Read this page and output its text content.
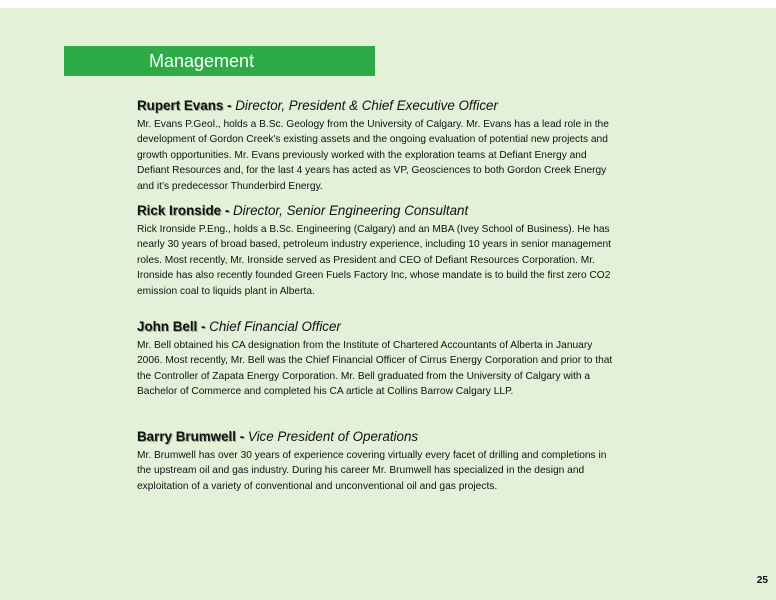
Management
Rupert Evans - Director, President & Chief Executive Officer
Mr. Evans P.Geol., holds a B.Sc. Geology from the University of Calgary. Mr. Evans has a lead role in the development of Gordon Creek's existing assets and the ongoing evaluation of potential new projects and growth opportunities. Mr. Evans previously worked with the exploration teams at Defiant Energy and Defiant Resources and, for the last 4 years has acted as VP, Geosciences to both Gordon Creek Energy and it’s predecessor Thunderbird Energy.
Rick Ironside - Director, Senior Engineering Consultant
Rick Ironside P.Eng., holds a B.Sc. Engineering (Calgary) and an MBA (Ivey School of Business). He has nearly 30 years of broad based, petroleum industry experience, including 10 years in senior management roles. Most recently, Mr. Ironside served as President and CEO of Defiant Resources Corporation. Mr. Ironside has also recently founded Green Fuels Factory Inc, whose mandate is to build the first zero CO2 emission coal to liquids plant in Alberta.
John Bell - Chief Financial Officer
Mr. Bell obtained his CA designation from the Institute of Chartered Accountants of Alberta in January 2006. Most recently, Mr. Bell was the Chief Financial Officer of Cirrus Energy Corporation and prior to that the Controller of Zapata Energy Corporation. Mr. Bell graduated from the University of Calgary with a Bachelor of Commerce and completed his CA article at Collins Barrow Calgary LLP.
Barry Brumwell - Vice President of Operations
Mr. Brumwell has over 30 years of experience covering virtually every facet of drilling and completions in the upstream oil and gas industry. During his career Mr. Brumwell has specialized in the design and exploitation of a variety of conventional and unconventional oil and gas projects.
25
